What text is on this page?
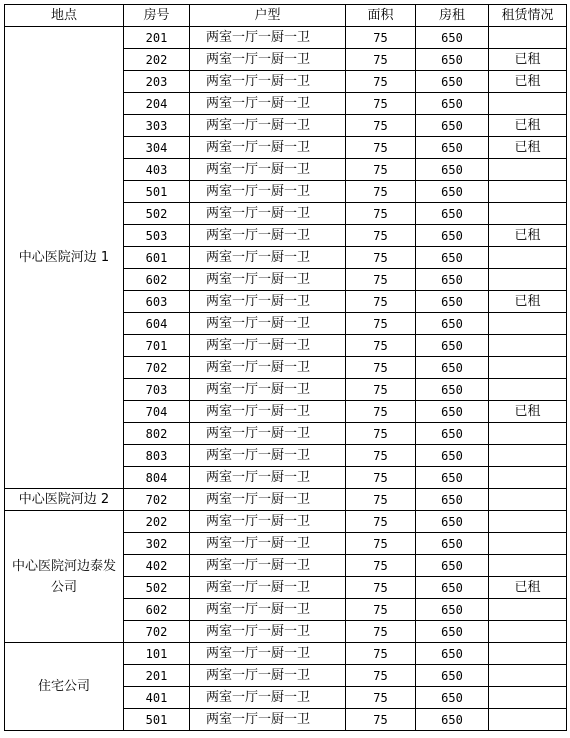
地点	房号	户型	面积	房租	租赁情况
中心医院河边 1	201	两室一厅一厨一卫	75	650	
	202	两室一厅一厨一卫	75	650	已租
	203	两室一厅一厨一卫	75	650	已租
	204	两室一厅一厨一卫	75	650	
	303	两室一厅一厨一卫	75	650	已租
	304	两室一厅一厨一卫	75	650	已租
	403	两室一厅一厨一卫	75	650	
	501	两室一厅一厨一卫	75	650	
	502	两室一厅一厨一卫	75	650	
	503	两室一厅一厨一卫	75	650	已租
	601	两室一厅一厨一卫	75	650	
	602	两室一厅一厨一卫	75	650	
	603	两室一厅一厨一卫	75	650	已租
	604	两室一厅一厨一卫	75	650	
	701	两室一厅一厨一卫	75	650	
	702	两室一厅一厨一卫	75	650	
	703	两室一厅一厨一卫	75	650	
	704	两室一厅一厨一卫	75	650	已租
	802	两室一厅一厨一卫	75	650	
	803	两室一厅一厨一卫	75	650	
	804	两室一厅一厨一卫	75	650	
中心医院河边 2	702	两室一厅一厨一卫	75	650	
中心医院河边泰发公司	202	两室一厅一厨一卫	75	650	
	302	两室一厅一厨一卫	75	650	
	402	两室一厅一厨一卫	75	650	
	502	两室一厅一厨一卫	75	650	已租
	602	两室一厅一厨一卫	75	650	
	702	两室一厅一厨一卫	75	650	
住宅公司	101	两室一厅一厨一卫	75	650	
	201	两室一厅一厨一卫	75	650	
	401	两室一厅一厨一卫	75	650	
	501	两室一厅一厨一卫	75	650	
